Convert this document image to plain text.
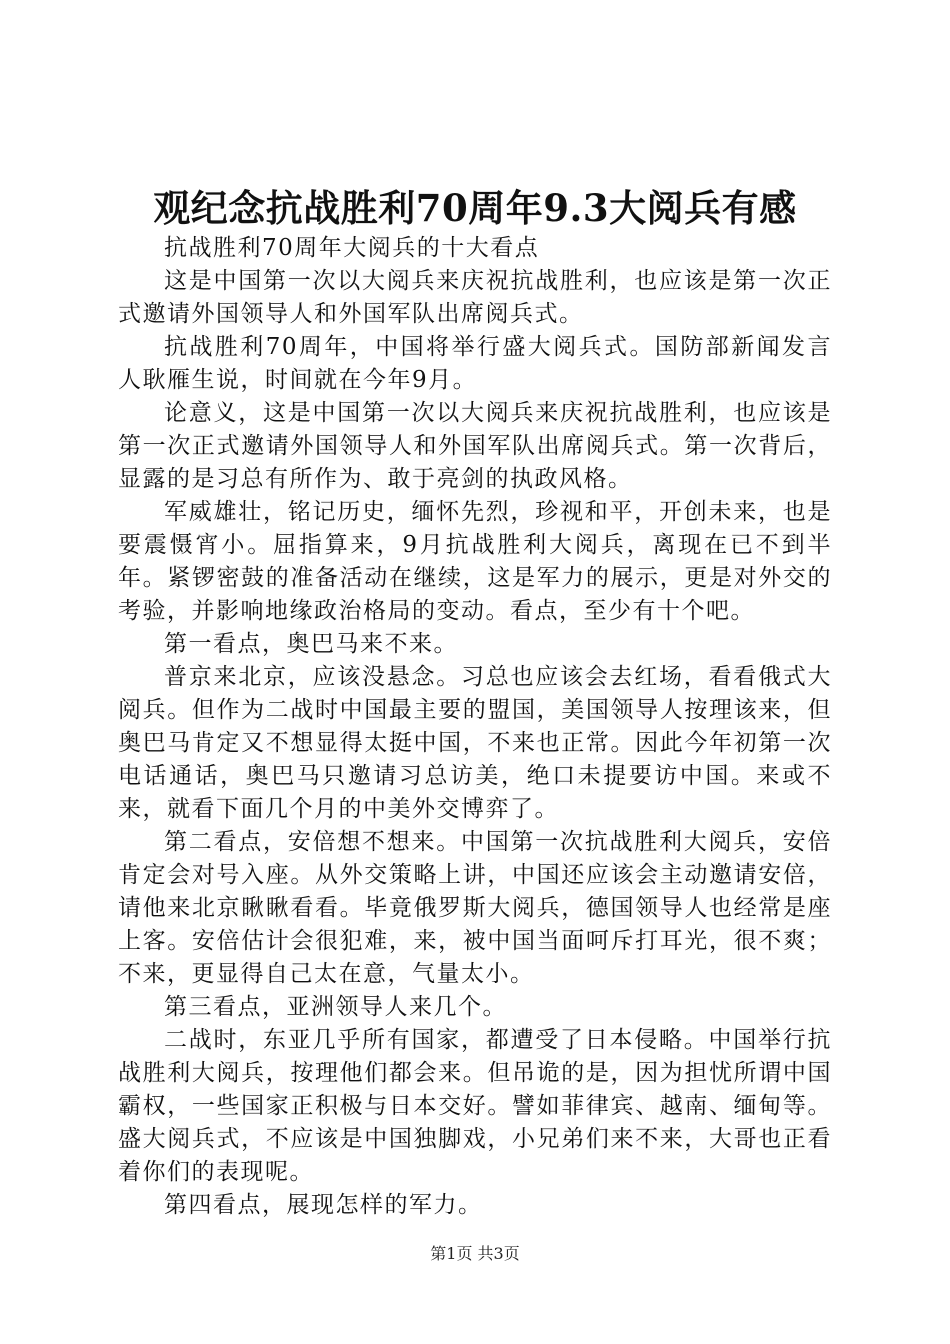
观纪念抗战胜利70周年9.3大阅兵有感

抗战胜利70周年大阅兵的十大看点

这是中国第一次以大阅兵来庆祝抗战胜利，也应该是第一次正式邀请外国领导人和外国军队出席阅兵式。

抗战胜利70周年，中国将举行盛大阅兵式。国防部新闻发言人耿雁生说，时间就在今年9月。

论意义，这是中国第一次以大阅兵来庆祝抗战胜利，也应该是第一次正式邀请外国领导人和外国军队出席阅兵式。第一次背后，显露的是习总有所作为、敢于亮剑的执政风格。

军威雄壮，铭记历史，缅怀先烈，珍视和平，开创未来，也是要震慑宵小。屈指算来，9月抗战胜利大阅兵，离现在已不到半年。紧锣密鼓的准备活动在继续，这是军力的展示，更是对外交的考验，并影响地缘政治格局的变动。看点，至少有十个吧。

第一看点，奥巴马来不来。

普京来北京，应该没悬念。习总也应该会去红场，看看俄式大阅兵。但作为二战时中国最主要的盟国，美国领导人按理该来，但奥巴马肯定又不想显得太挺中国，不来也正常。因此今年初第一次电话通话，奥巴马只邀请习总访美，绝口未提要访中国。来或不来，就看下面几个月的中美外交博弈了。

第二看点，安倍想不想来。中国第一次抗战胜利大阅兵，安倍肯定会对号入座。从外交策略上讲，中国还应该会主动邀请安倍，请他来北京瞅瞅看看。毕竟俄罗斯大阅兵，德国领导人也经常是座上客。安倍估计会很犯难，来，被中国当面呵斥打耳光，很不爽；不来，更显得自己太在意，气量太小。

第三看点，亚洲领导人来几个。

二战时，东亚几乎所有国家，都遭受了日本侵略。中国举行抗战胜利大阅兵，按理他们都会来。但吊诡的是，因为担忧所谓中国霸权，一些国家正积极与日本交好。譬如菲律宾、越南、缅甸等。盛大阅兵式，不应该是中国独脚戏，小兄弟们来不来，大哥也正看着你们的表现呢。

第四看点，展现怎样的军力。

第1页 共3页
